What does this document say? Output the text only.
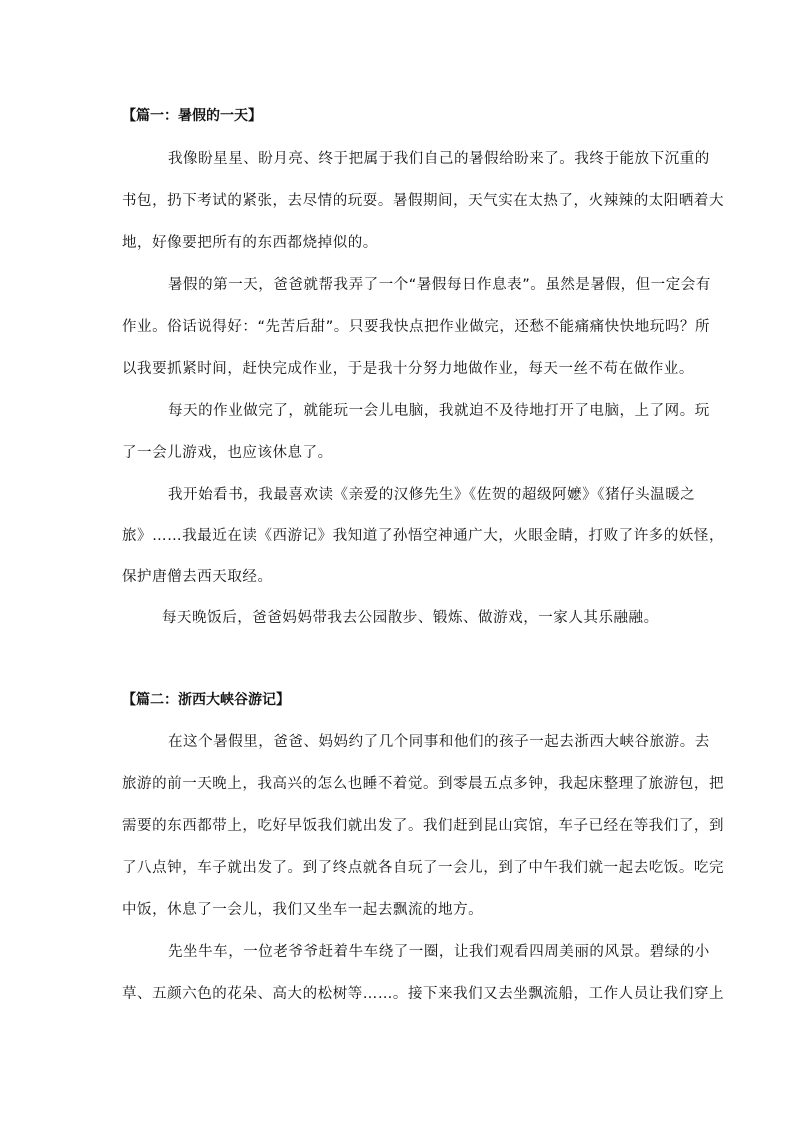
【篇一：暑假的一天】
我像盼星星、盼月亮、终于把属于我们自己的暑假给盼来了。我终于能放下沉重的
书包，扔下考试的紧张，去尽情的玩耍。暑假期间，天气实在太热了，火辣辣的太阳晒着大
地，好像要把所有的东西都烧掉似的。
暑假的第一天，爸爸就帮我弄了一个“暑假每日作息表”。虽然是暑假，但一定会有
作业。俗话说得好：“先苦后甜”。只要我快点把作业做完，还愁不能痛痛快快地玩吗？所
以我要抓紧时间，赶快完成作业，于是我十分努力地做作业，每天一丝不苟在做作业。
每天的作业做完了，就能玩一会儿电脑，我就迫不及待地打开了电脑，上了网。玩
了一会儿游戏，也应该休息了。
我开始看书，我最喜欢读《亲爱的汉修先生》《佐贺的超级阿嬷》《猪仔头温暖之
旅》……我最近在读《西游记》我知道了孙悟空神通广大，火眼金睛，打败了许多的妖怪，
保护唐僧去西天取经。
每天晚饭后，爸爸妈妈带我去公园散步、锻炼、做游戏，一家人其乐融融。
【篇二：浙西大峡谷游记】
在这个暑假里，爸爸、妈妈约了几个同事和他们的孩子一起去浙西大峡谷旅游。去
旅游的前一天晚上，我高兴的怎么也睡不着觉。到零晨五点多钟，我起床整理了旅游包，把
需要的东西都带上，吃好早饭我们就出发了。我们赶到昆山宾馆，车子已经在等我们了，到
了八点钟，车子就出发了。到了终点就各自玩了一会儿，到了中午我们就一起去吃饭。吃完
中饭，休息了一会儿，我们又坐车一起去飘流的地方。
先坐牛车，一位老爷爷赶着牛车绕了一圈，让我们观看四周美丽的风景。碧绿的小
草、五颜六色的花朵、高大的松树等……。接下来我们又去坐飘流船，工作人员让我们穿上
